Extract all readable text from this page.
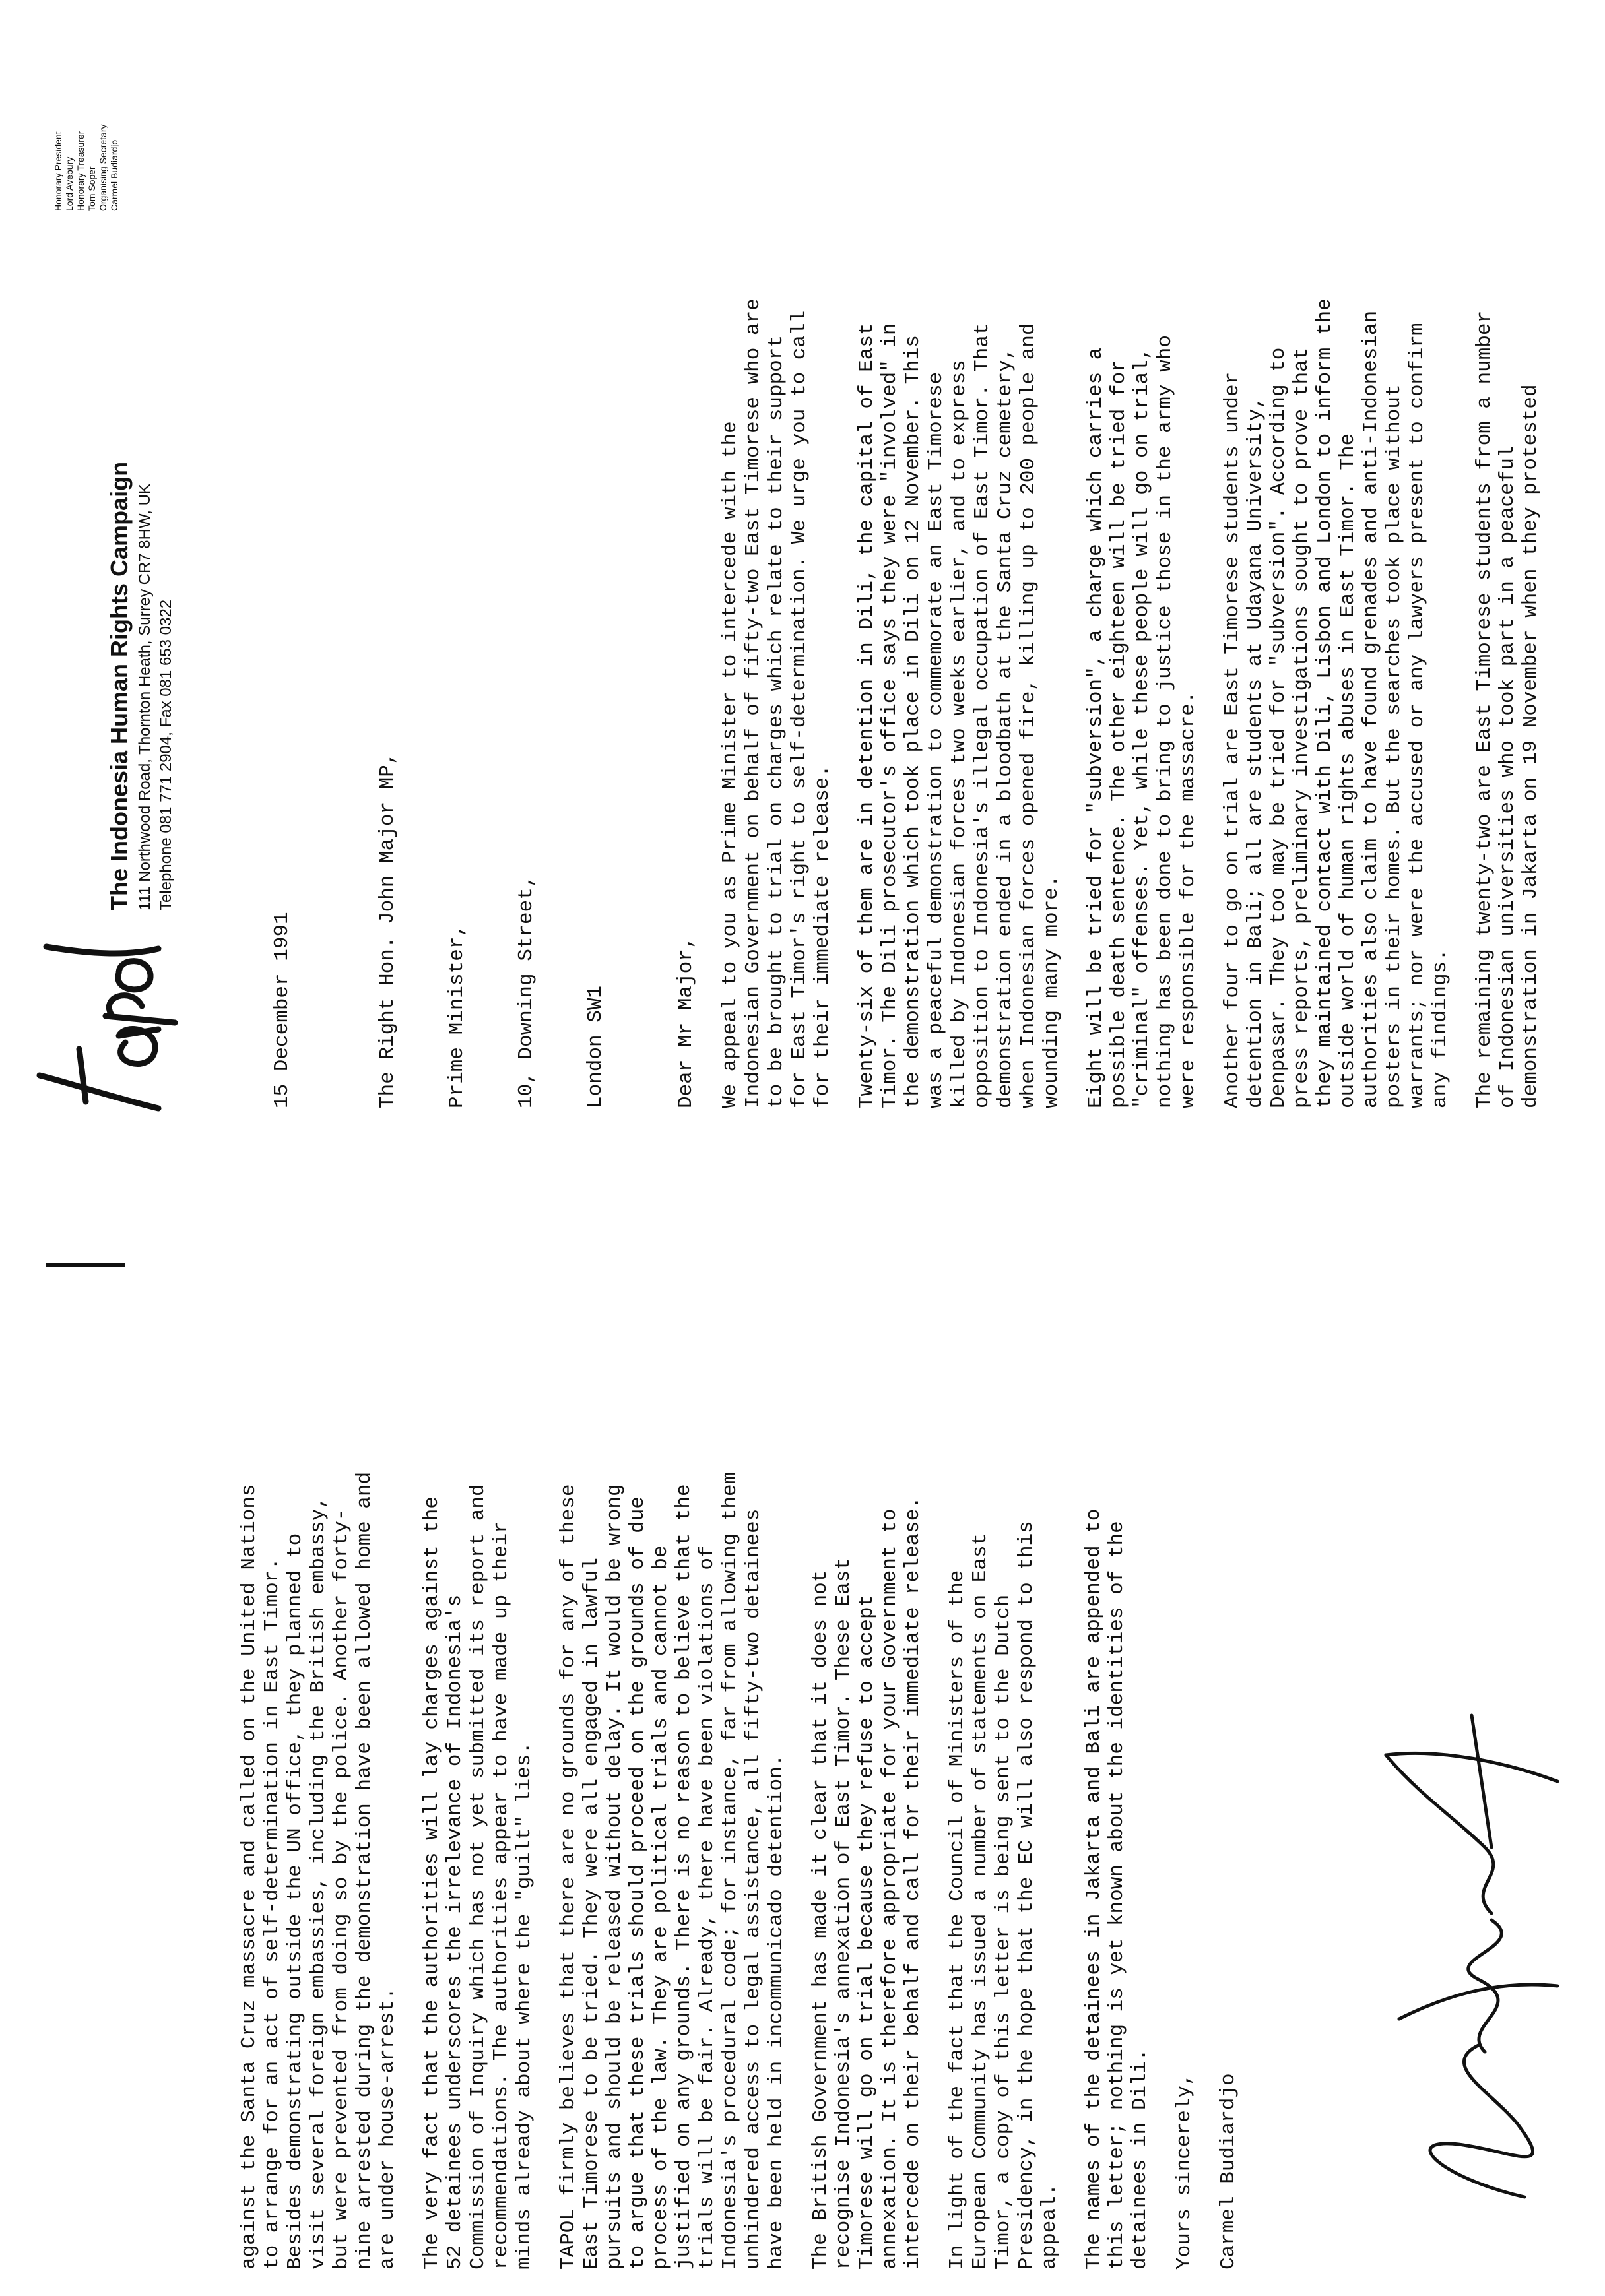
The Indonesia Human Rights Campaign 111 Northwood Road, Thornton Heath, Surrey CR7 8HW, UK Telephone 081 771 2904, Fax 081 653 0322
Honorary President Lord Avebury Honorary Treasurer Tom Soper Organising Secretary Carmel Budiardjo
15 December 1991

	The Right Hon. John Major MP,

Prime Minister,

10, Downing Street,

London SW1

	Dear Mr Major, We appeal to you as Prime Minister to intercede with the Indonesian Government on behalf of fifty-two East Timorese who are to be brought to trial on charges which relate to their support for East Timor's right to self-determination. We urge you to call for their immediate release. Twenty-six of them are in detention in Dili, the capital of East Timor. The Dili prosecutor's office says they were "involved" in the demonstration which took place in Dili on 12 November. This was a peaceful demonstration to commemorate an East Timorese killed by Indonesian forces two weeks earlier, and to express opposition to Indonesia's illegal occupation of East Timor. That demonstration ended in a bloodbath at the Santa Cruz cemetery, when Indonesian forces opened fire, killing up to 200 people and wounding many more. Eight will be tried for "subversion", a charge which carries a possible death sentence. The other eighteen will be tried for "criminal" offenses. Yet, while these people will go on trial, nothing has been done to bring to justice those in the army who were responsible for the massacre. Another four to go on trial are East Timorese students under detention in Bali; all are students at Udayana University, Denpasar. They too may be tried for "subversion". According to press reports, preliminary investigations sought to prove that they maintained contact with Dili, Lisbon and London to inform the outside world of human rights abuses in East Timor. The authorities also claim to have found grenades and anti-Indonesian posters in their homes. But the searches took place without warrants; nor were the accused or any lawyers present to confirm any findings. The remaining twenty-two are East Timorese students from a number of Indonesian universities who took part in a peaceful demonstration in Jakarta on 19 November when they protested

against the Santa Cruz massacre and called on the United Nations to arrange for an act of self-determination in East Timor. Besides demonstrating outside the UN office, they planned to visit several foreign embassies, including the British embassy, but were prevented from doing so by the police. Another forty-nine arrested during the demonstration have been allowed home and are under house-arrest. The very fact that the authorities will lay charges against the 52 detainees underscores the irrelevance of Indonesia's Commission of Inquiry which has not yet submitted its report and recommendations. The authorities appear to have made up their minds already about where the "guilt" lies. TAPOL firmly believes that there are no grounds for any of these East Timorese to be tried. They were all engaged in lawful pursuits and should be released without delay. It would be wrong to argue that these trials should proceed on the grounds of due process of the law. They are political trials and cannot be justified on any grounds. There is no reason to believe that the trials will be fair. Already, there have been violations of Indonesia's procedural code; for instance, far from allowing them unhindered access to legal assistance, all fifty-two detainees have been held in incommunicado detention. The British Government has made it clear that it does not recognise Indonesia's annexation of East Timor. These East Timorese will go on trial because they refuse to accept annexation. It is therefore appropriate for your Government to intercede on their behalf and call for their immediate release. In light of the fact that the Council of Ministers of the European Community has issued a number of statements on East Timor, a copy of this letter is being sent to the Dutch Presidency, in the hope that the EC will also respond to this appeal. The names of the detainees in Jakarta and Bali are appended to this letter; nothing is yet known about the identities of the detainees in Dili. Yours sincerely, Carmel Budiardjo
